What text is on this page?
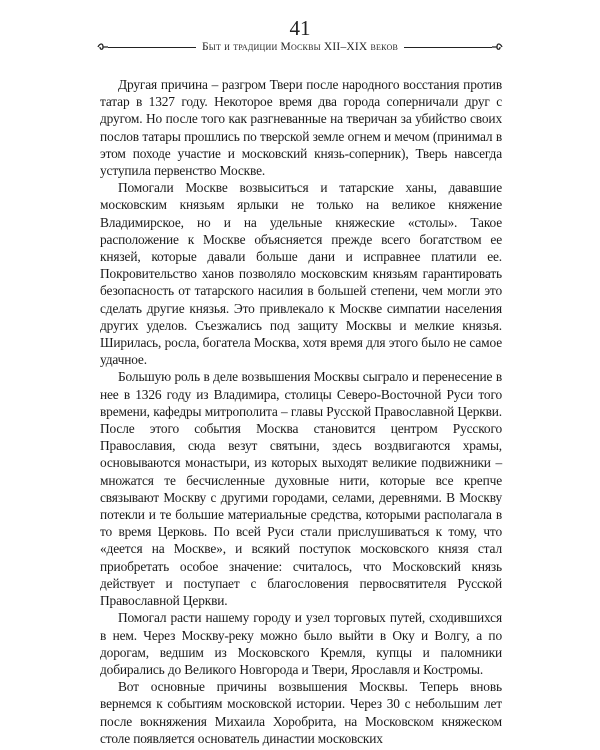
41
Быт и традиции Москвы XII–XIX веков

Другая причина – разгром Твери после народного восстания против татар в 1327 году. Некоторое время два города соперничали друг с другом. Но после того как разгневанные на тверичан за убийство своих послов татары прошлись по тверской земле огнем и мечом (принимал в этом походе участие и московский князь-соперник), Тверь навсегда уступила первенство Москве.

Помогали Москве возвыситься и татарские ханы, дававшие московским князьям ярлыки не только на великое княжение Владимирское, но и на удельные княжеские «столы». Такое расположение к Москве объясняется прежде всего богатством ее князей, которые давали больше дани и исправнее платили ее. Покровительство ханов позволяло московским князьям гарантировать безопасность от татарского насилия в большей степени, чем могли это сделать другие князья. Это привлекало к Москве симпатии населения других уделов. Съезжались под защиту Москвы и мелкие князья. Ширилась, росла, богатела Москва, хотя время для этого было не самое удачное.

Большую роль в деле возвышения Москвы сыграло и перенесение в нее в 1326 году из Владимира, столицы Северо-Восточной Руси того времени, кафедры митрополита – главы Русской Православной Церкви. После этого события Москва становится центром Русского Православия, сюда везут святыни, здесь воздвигаются храмы, основываются монастыри, из которых выходят великие подвижники – множатся те бесчисленные духовные нити, которые все крепче связывают Москву с другими городами, селами, деревнями. В Москву потекли и те большие материальные средства, которыми располагала в то время Церковь. По всей Руси стали прислушиваться к тому, что «деется на Москве», и всякий поступок московского князя стал приобретать особое значение: считалось, что Московский князь действует и поступает с благословения первосвятителя Русской Православной Церкви.

Помогал расти нашему городу и узел торговых путей, сходившихся в нем. Через Москву-реку можно было выйти в Оку и Волгу, а по дорогам, ведшим из Московского Кремля, купцы и паломники добирались до Великого Новгорода и Твери, Ярославля и Костромы.

Вот основные причины возвышения Москвы. Теперь вновь вернемся к событиям московской истории. Через 30 с небольшим лет после вокняжения Михаила Хоробрита, на Московском княжеском столе появляется основатель династии московских
